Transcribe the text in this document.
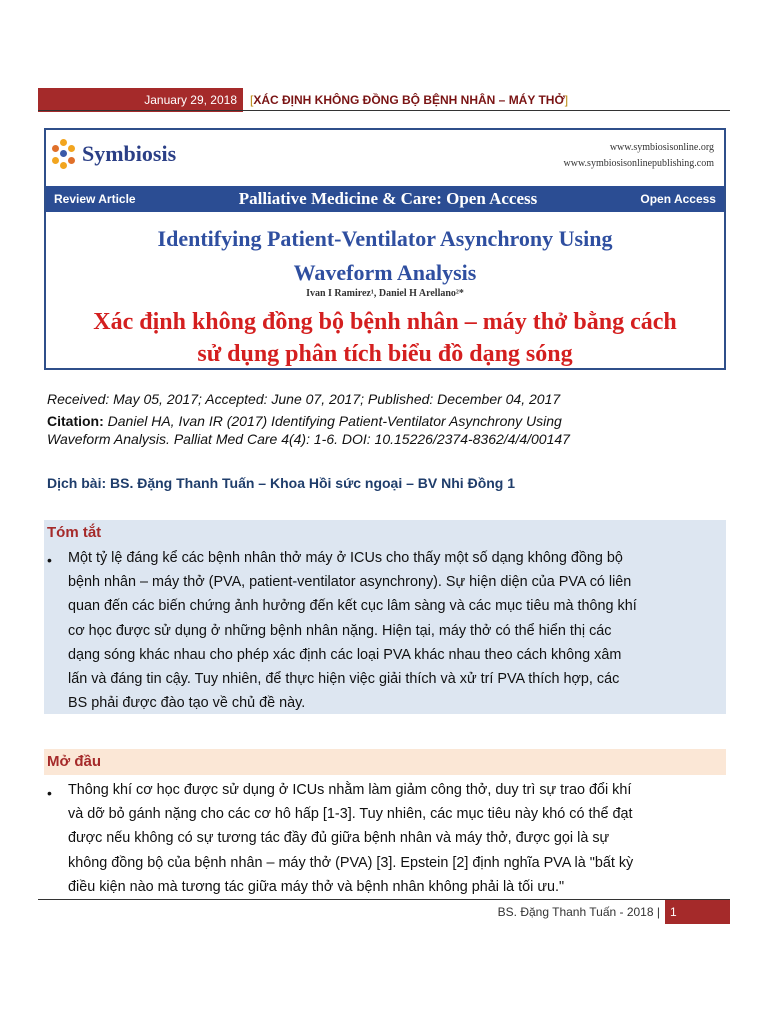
January 29, 2018	[XÁC ĐỊNH KHÔNG ĐỒNG BỘ BỆNH NHÂN – MÁY THỞ]
Symbiosis	www.symbiosisonline.org
www.symbiosisonlinepublishing.com
Review Article	Palliative Medicine & Care: Open Access	Open Access
Identifying Patient-Ventilator Asynchrony Using
Waveform Analysis
Ivan I Ramirez¹, Daniel H Arellano²*
Xác định không đồng bộ bệnh nhân – máy thở bằng cách
sử dụng phân tích biểu đồ dạng sóng
Received: May 05, 2017; Accepted: June 07, 2017; Published: December 04, 2017
Citation: Daniel HA, Ivan IR (2017) Identifying Patient-Ventilator Asynchrony Using
Waveform Analysis. Palliat Med Care 4(4): 1-6. DOI: 10.15226/2374-8362/4/4/00147
Dịch bài: BS. Đặng Thanh Tuấn – Khoa Hồi sức ngoại – BV Nhi Đồng 1
Tóm tắt
• Một tỷ lệ đáng kể các bệnh nhân thở máy ở ICUs cho thấy một số dạng không đồng bộ
bệnh nhân – máy thở (PVA, patient-ventilator asynchrony). Sự hiện diện của PVA có liên
quan đến các biến chứng ảnh hưởng đến kết cục lâm sàng và các mục tiêu mà thông khí
cơ học được sử dụng ở những bệnh nhân nặng. Hiện tại, máy thở có thể hiển thị các
dạng sóng khác nhau cho phép xác định các loại PVA khác nhau theo cách không xâm
lấn và đáng tin cậy. Tuy nhiên, để thực hiện việc giải thích và xử trí PVA thích hợp, các
BS phải được đào tạo về chủ đề này.
Mở đầu
• Thông khí cơ học được sử dụng ở ICUs nhằm làm giảm công thở, duy trì sự trao đổi khí
và dỡ bỏ gánh nặng cho các cơ hô hấp [1-3]. Tuy nhiên, các mục tiêu này khó có thể đạt
được nếu không có sự tương tác đầy đủ giữa bệnh nhân và máy thở, được gọi là sự
không đồng bộ của bệnh nhân – máy thở (PVA) [3]. Epstein [2] định nghĩa PVA là "bất kỳ
điều kiện nào mà tương tác giữa máy thở và bệnh nhân không phải là tối ưu."
BS. Đặng Thanh Tuấn - 2018 | 1
